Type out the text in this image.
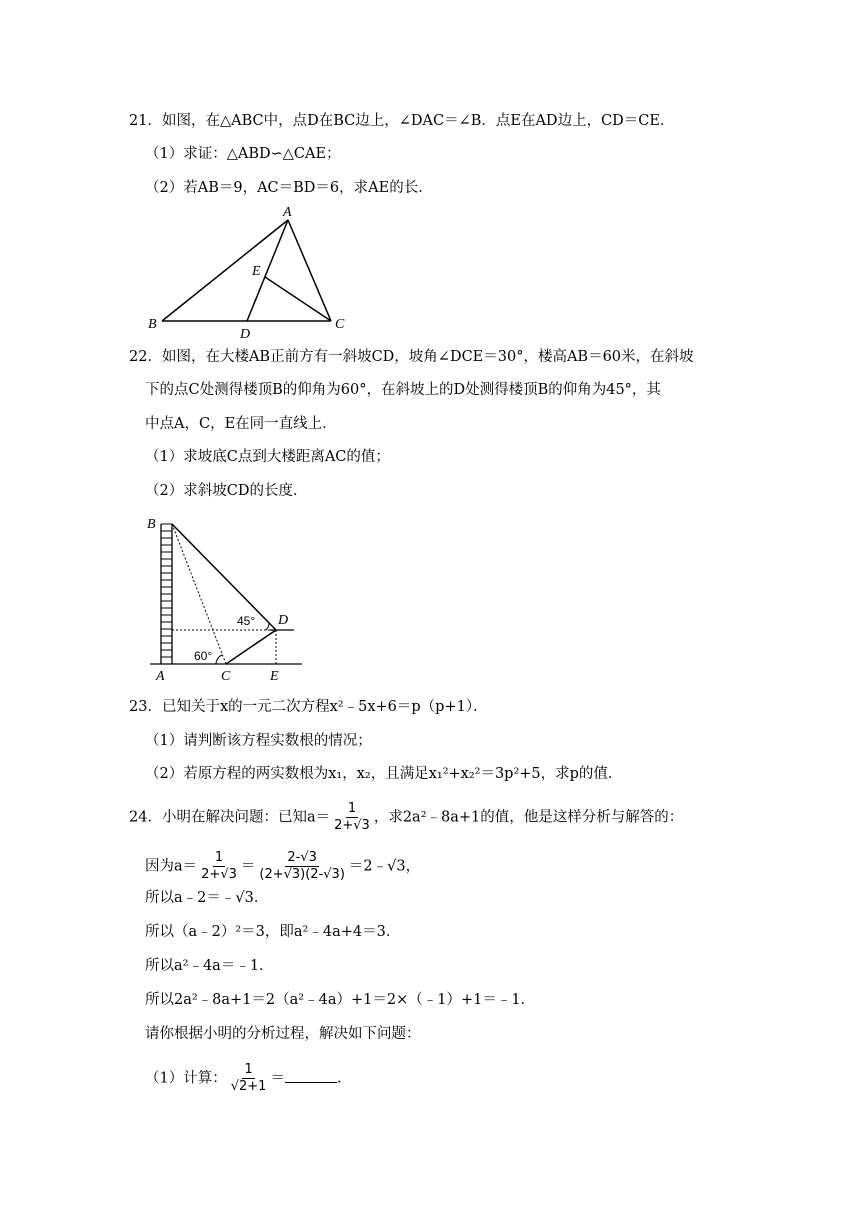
21．如图，在△ABC中，点D在BC边上，∠DAC＝∠B．点E在AD边上，CD＝CE．
（1）求证：△ABD∽△CAE；
（2）若AB＝9，AC＝BD＝6，求AE的长．
A
B	C
D
E
22．如图，在大楼AB正前方有一斜坡CD，坡角∠DCE＝30°，楼高AB＝60米，在斜坡
下的点C处测得楼顶B的仰角为60°，在斜坡上的D处测得楼顶B的仰角为45°，其
中点A，C，E在同一直线上．
（1）求坡底C点到大楼距离AC的值；
（2）求斜坡CD的长度．
B
A	C	E
D
45°
60°
23．已知关于x的一元二次方程x²﹣5x+6＝p（p+1）．
（1）请判断该方程实数根的情况；
（2）若原方程的两实数根为x₁，x₂，且满足x₁²+x₂²＝3p²+5，求p的值．
24．小明在解决问题：已知$a= \frac{1}{2+√3}$ ，求2a²﹣8a+1的值，他是这样分析与解答的：
因为$a= \frac{1}{2+√3} = \frac{2-√3}{(2+√3)(2-√3)}$ ＝2﹣√3，
所以a﹣2＝﹣√3．
所以（a﹣2）²＝3，即a²﹣4a+4＝3．
所以a²﹣4a＝﹣1．
所以2a²﹣8a+1＝2（a²﹣4a）+1＝2×（﹣1）+1＝﹣1．
请你根据小明的分析过程，解决如下问题：
（1）计算： $\frac{1}{√2+1}$ ＝	．
